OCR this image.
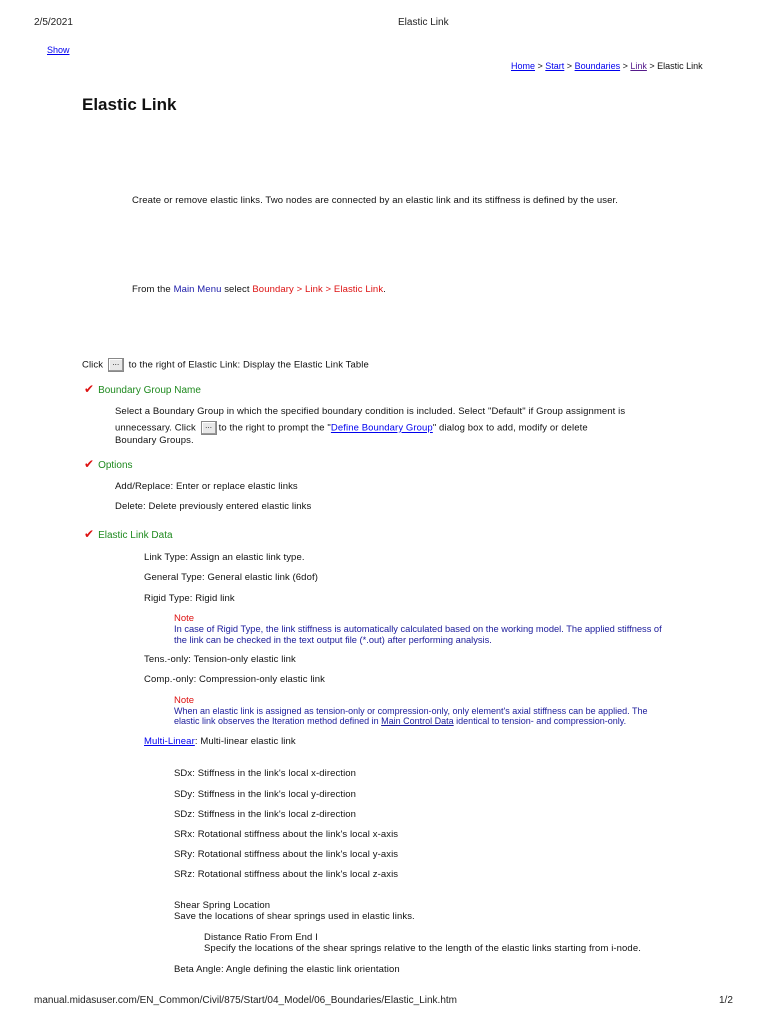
2/5/2021	Elastic Link
Show
Home > Start > Boundaries > Link > Elastic Link
Elastic Link
Create or remove elastic links. Two nodes are connected by an elastic link and its stiffness is defined by the user.
From the Main Menu select Boundary > Link > Elastic Link.
Click ... to the right of Elastic Link: Display the Elastic Link Table
✔ Boundary Group Name
Select a Boundary Group in which the specified boundary condition is included. Select "Default" if Group assignment is
unnecessary. Click ... to the right to prompt the "Define Boundary Group" dialog box to add, modify or delete
Boundary Groups.
✔ Options
Add/Replace: Enter or replace elastic links
Delete: Delete previously entered elastic links
✔ Elastic Link Data
Link Type: Assign an elastic link type.
General Type: General elastic link (6dof)
Rigid Type: Rigid link
Note
In case of Rigid Type, the link stiffness is automatically calculated based on the working model. The applied stiffness of the link can be checked in the text output file (*.out) after performing analysis.
Tens.-only: Tension-only elastic link
Comp.-only: Compression-only elastic link
Note
When an elastic link is assigned as tension-only or compression-only, only element's axial stiffness can be applied. The
elastic link observes the Iteration method defined in Main Control Data identical to tension- and compression-only.
Multi-Linear: Multi-linear elastic link
SDx: Stiffness in the link's local x-direction
SDy: Stiffness in the link's local y-direction
SDz: Stiffness in the link's local z-direction
SRx: Rotational stiffness about the link's local x-axis
SRy: Rotational stiffness about the link's local y-axis
SRz: Rotational stiffness about the link's local z-axis
Shear Spring Location
Save the locations of shear springs used in elastic links.
Distance Ratio From End I
Specify the locations of the shear springs relative to the length of the elastic links starting from i-node.
Beta Angle: Angle defining the elastic link orientation
manual.midasuser.com/EN_Common/Civil/875/Start/04_Model/06_Boundaries/Elastic_Link.htm	1/2
